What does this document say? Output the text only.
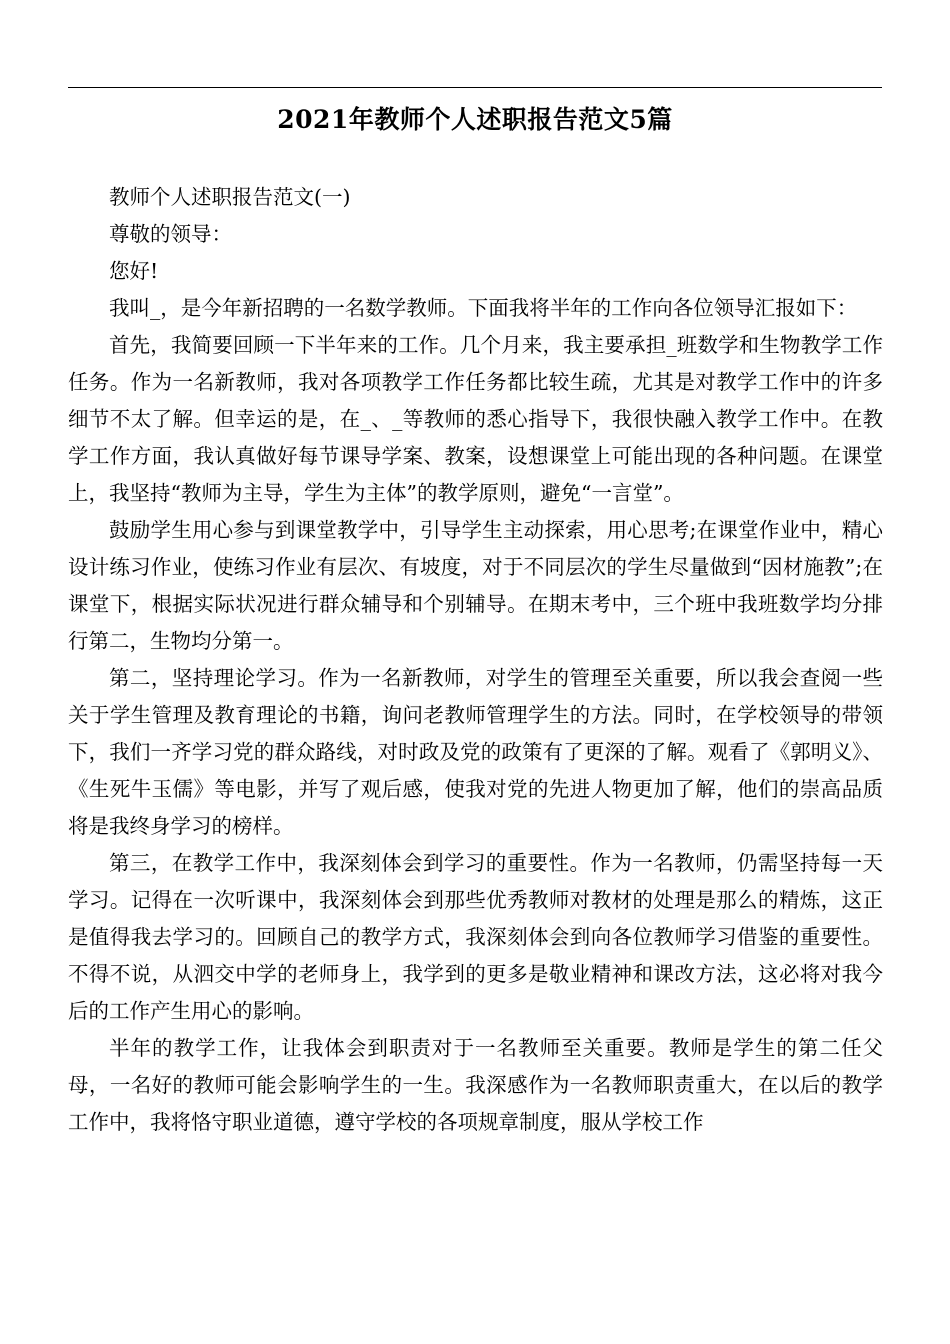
2021年教师个人述职报告范文5篇

教师个人述职报告范文(一)

尊敬的领导：

您好!

我叫_，是今年新招聘的一名数学教师。下面我将半年的工作向各位领导汇报如下：

首先，我简要回顾一下半年来的工作。几个月来，我主要承担_班数学和生物教学工作任务。作为一名新教师，我对各项教学工作任务都比较生疏，尤其是对教学工作中的许多细节不太了解。但幸运的是，在_、_等教师的悉心指导下，我很快融入教学工作中。在教学工作方面，我认真做好每节课导学案、教案，设想课堂上可能出现的各种问题。在课堂上，我坚持“教师为主导，学生为主体”的教学原则，避免“一言堂”。

鼓励学生用心参与到课堂教学中，引导学生主动探索，用心思考;在课堂作业中，精心设计练习作业，使练习作业有层次、有坡度，对于不同层次的学生尽量做到“因材施教”;在课堂下，根据实际状况进行群众辅导和个别辅导。在期末考中，三个班中我班数学均分排行第二，生物均分第一。

第二，坚持理论学习。作为一名新教师，对学生的管理至关重要，所以我会查阅一些关于学生管理及教育理论的书籍，询问老教师管理学生的方法。同时，在学校领导的带领下，我们一齐学习党的群众路线，对时政及党的政策有了更深的了解。观看了《郭明义》、《生死牛玉儒》等电影，并写了观后感，使我对党的先进人物更加了解，他们的崇高品质将是我终身学习的榜样。

第三，在教学工作中，我深刻体会到学习的重要性。作为一名教师，仍需坚持每一天学习。记得在一次听课中，我深刻体会到那些优秀教师对教材的处理是那么的精炼，这正是值得我去学习的。回顾自己的教学方式，我深刻体会到向各位教师学习借鉴的重要性。不得不说，从泗交中学的老师身上，我学到的更多是敬业精神和课改方法，这必将对我今后的工作产生用心的影响。

半年的教学工作，让我体会到职责对于一名教师至关重要。教师是学生的第二任父母，一名好的教师可能会影响学生的一生。我深感作为一名教师职责重大，在以后的教学工作中，我将恪守职业道德，遵守学校的各项规章制度，服从学校工作
